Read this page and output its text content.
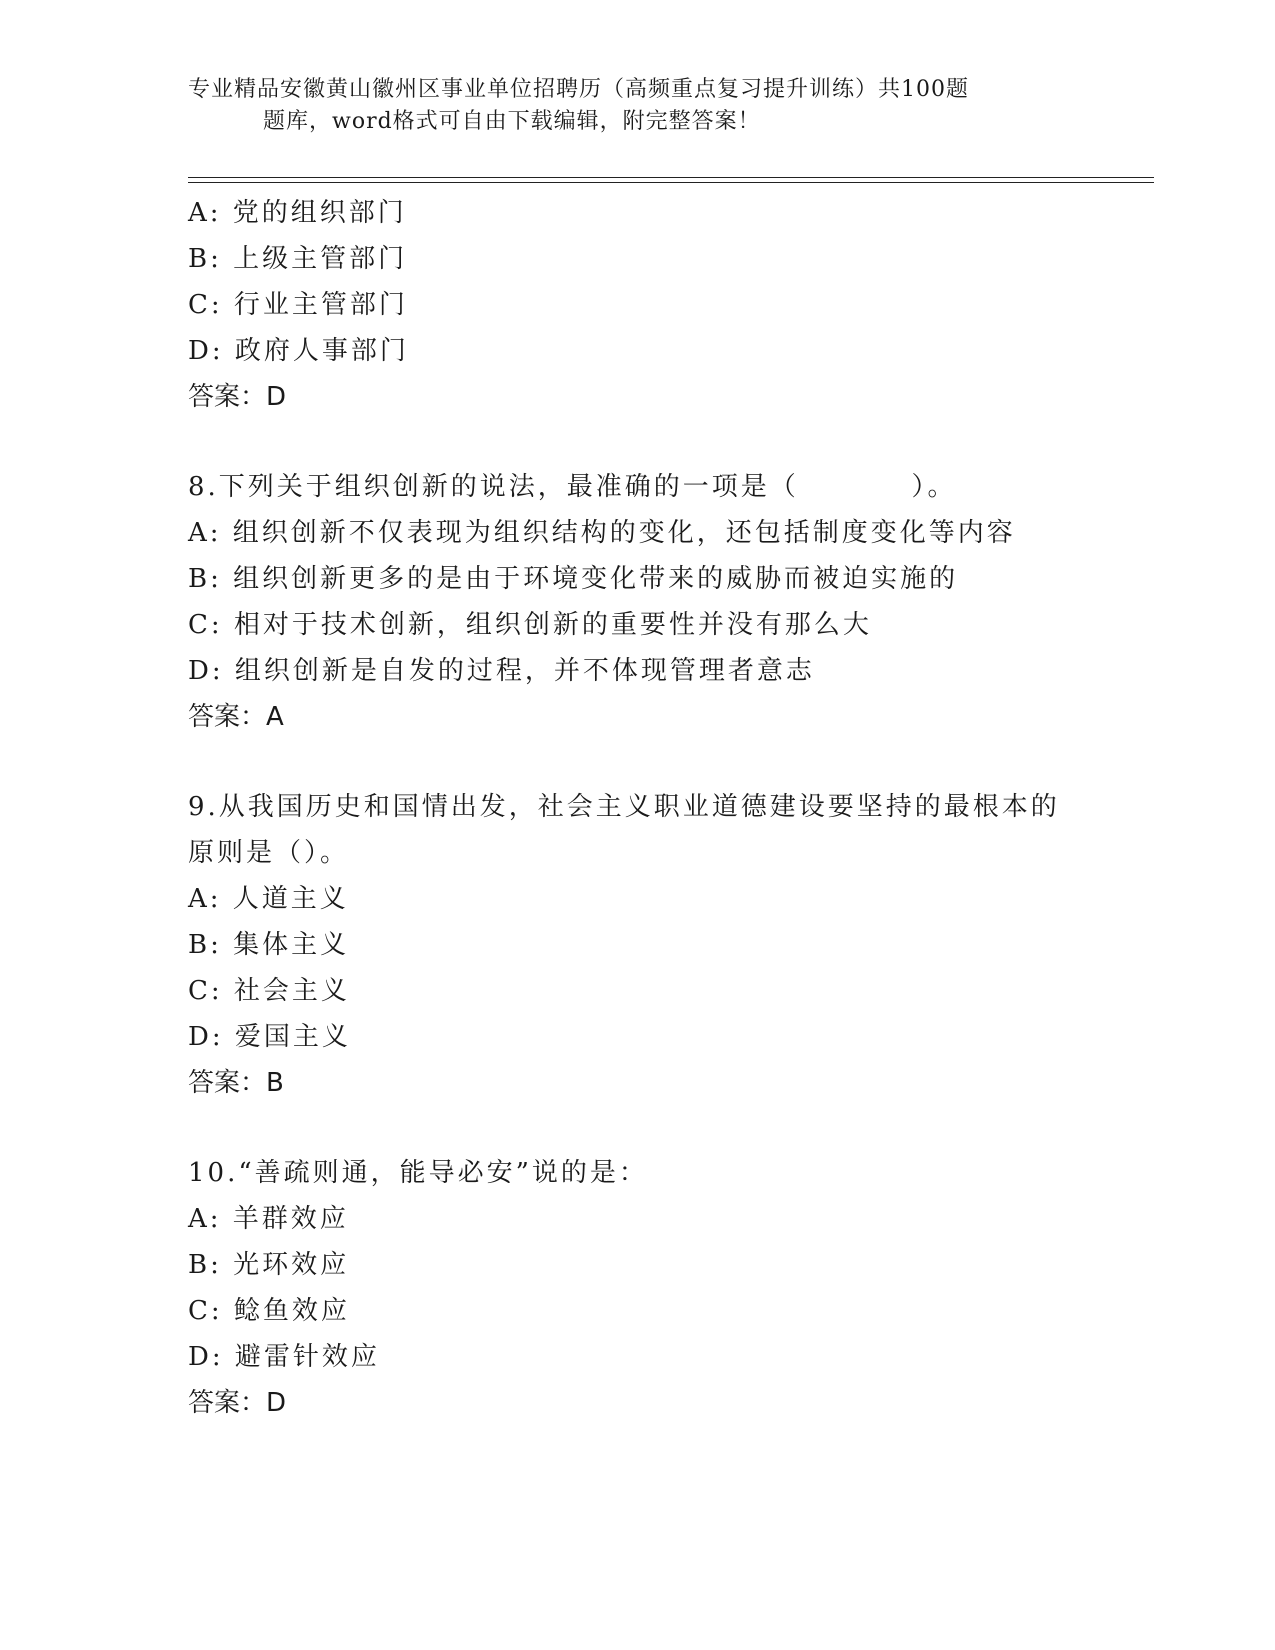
专业精品安徽黄山徽州区事业单位招聘历（高频重点复习提升训练）共100题
题库，word格式可自由下载编辑，附完整答案！
A: 党的组织部门
B: 上级主管部门
C: 行业主管部门
D: 政府人事部门
答案：D
8.下列关于组织创新的说法，最准确的一项是（          ）。
A: 组织创新不仅表现为组织结构的变化，还包括制度变化等内容
B: 组织创新更多的是由于环境变化带来的威胁而被迫实施的
C: 相对于技术创新，组织创新的重要性并没有那么大
D: 组织创新是自发的过程，并不体现管理者意志
答案：A
9.从我国历史和国情出发，社会主义职业道德建设要坚持的最根本的
原则是（）。
A: 人道主义
B: 集体主义
C: 社会主义
D: 爱国主义
答案：B
10.“善疏则通，能导必安”说的是：
A: 羊群效应
B: 光环效应
C: 鲶鱼效应
D: 避雷针效应
答案：D
